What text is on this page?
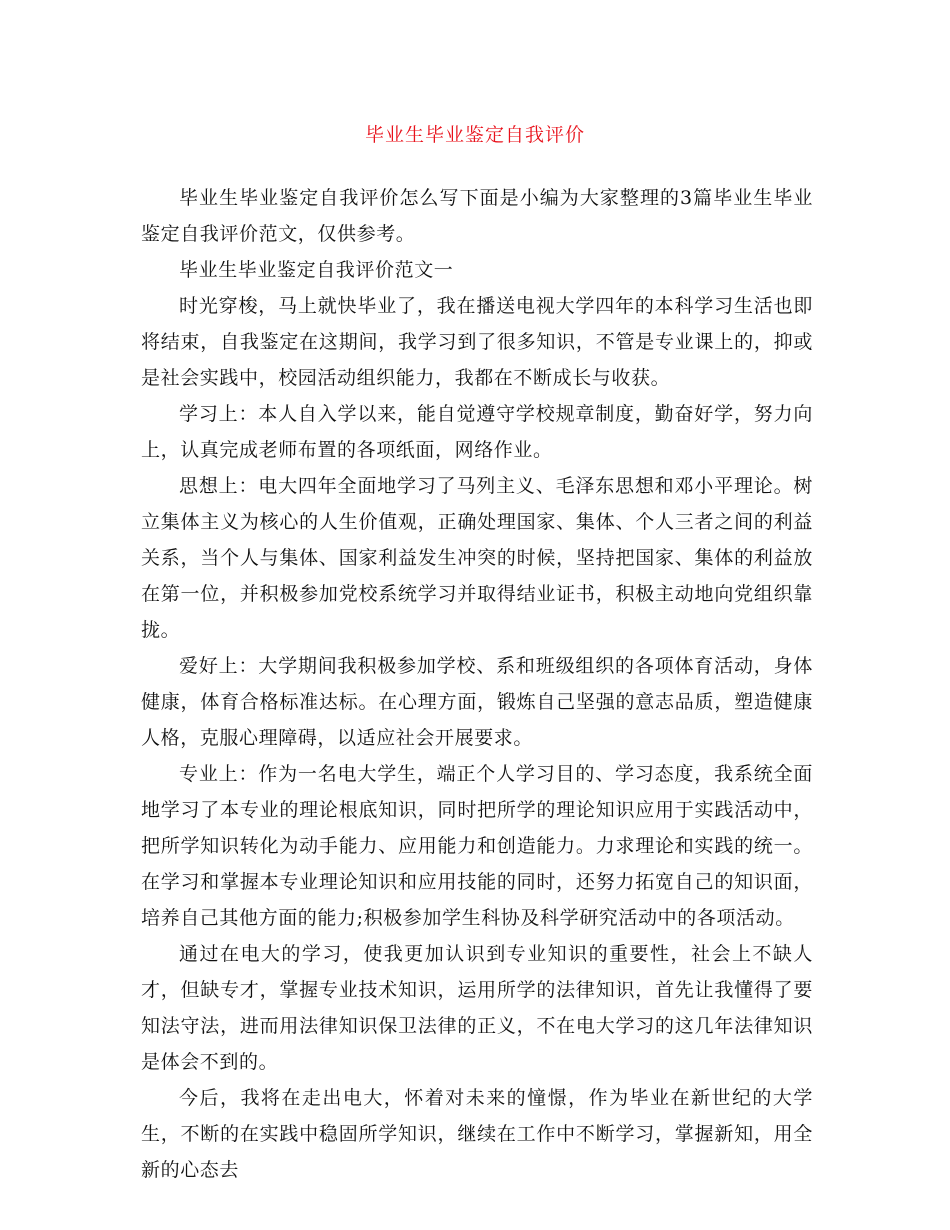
毕业生毕业鉴定自我评价

毕业生毕业鉴定自我评价怎么写下面是小编为大家整理的3篇毕业生毕业鉴定自我评价范文，仅供参考。

毕业生毕业鉴定自我评价范文一

时光穿梭，马上就快毕业了，我在播送电视大学四年的本科学习生活也即将结束，自我鉴定在这期间，我学习到了很多知识，不管是专业课上的，抑或是社会实践中，校园活动组织能力，我都在不断成长与收获。

学习上：本人自入学以来，能自觉遵守学校规章制度，勤奋好学，努力向上，认真完成老师布置的各项纸面，网络作业。

思想上：电大四年全面地学习了马列主义、毛泽东思想和邓小平理论。树立集体主义为核心的人生价值观，正确处理国家、集体、个人三者之间的利益关系，当个人与集体、国家利益发生冲突的时候，坚持把国家、集体的利益放在第一位，并积极参加党校系统学习并取得结业证书，积极主动地向党组织靠拢。

爱好上：大学期间我积极参加学校、系和班级组织的各项体育活动，身体健康，体育合格标准达标。在心理方面，锻炼自己坚强的意志品质，塑造健康人格，克服心理障碍，以适应社会开展要求。

专业上：作为一名电大学生，端正个人学习目的、学习态度，我系统全面地学习了本专业的理论根底知识，同时把所学的理论知识应用于实践活动中，把所学知识转化为动手能力、应用能力和创造能力。力求理论和实践的统一。在学习和掌握本专业理论知识和应用技能的同时，还努力拓宽自己的知识面，培养自己其他方面的能力;积极参加学生科协及科学研究活动中的各项活动。

通过在电大的学习，使我更加认识到专业知识的重要性，社会上不缺人才，但缺专才，掌握专业技术知识，运用所学的法律知识，首先让我懂得了要知法守法，进而用法律知识保卫法律的正义，不在电大学习的这几年法律知识是体会不到的。

今后，我将在走出电大，怀着对未来的憧憬，作为毕业在新世纪的大学生，不断的在实践中稳固所学知识，继续在工作中不断学习，掌握新知，用全新的心态去
